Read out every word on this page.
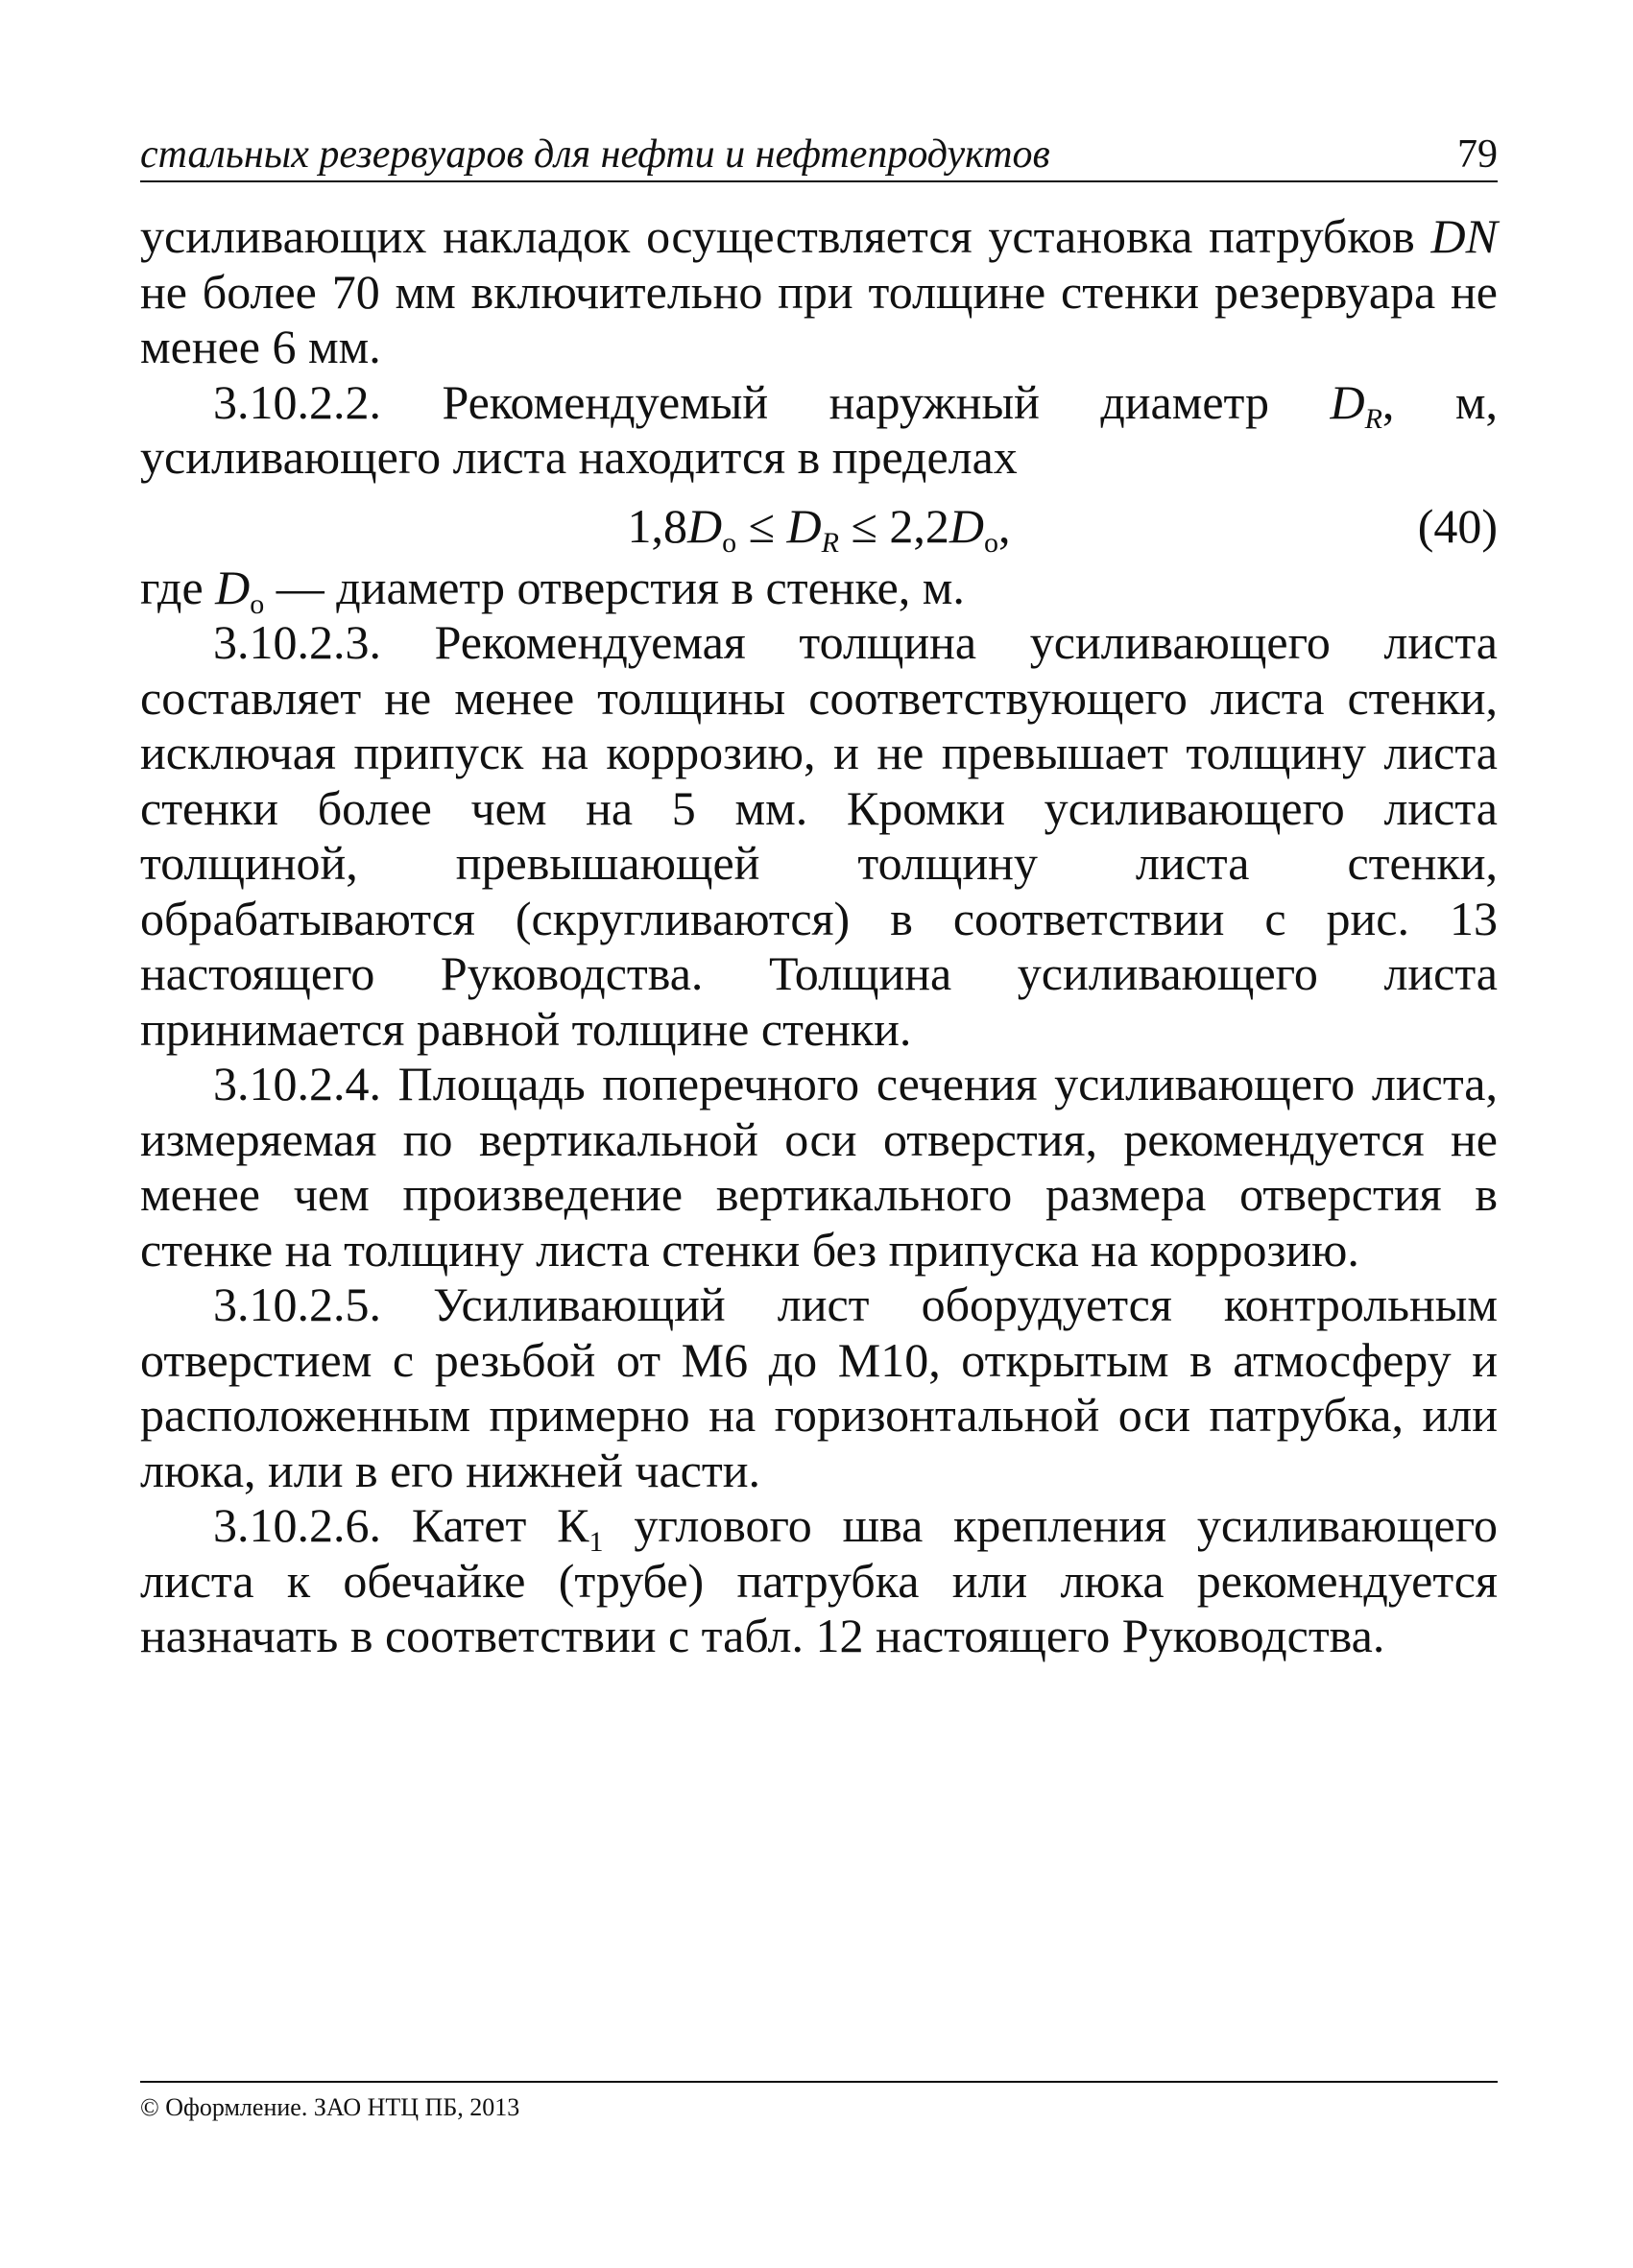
стальных резервуаров для нефти и нефтепродуктов	79

усиливающих накладок осуществляется установка патрубков DN не более 70 мм включительно при толщине стенки резервуара не менее 6 мм.

3.10.2.2. Рекомендуемый наружный диаметр $D_R$, м, усиливающего листа находится в пределах

$1,8D_o \le D_R \le 2,2D_o$,	(40)

где $D_o$ — диаметр отверстия в стенке, м.

3.10.2.3. Рекомендуемая толщина усиливающего листа составляет не менее толщины соответствующего листа стенки, исключая припуск на коррозию, и не превышает толщину листа стенки более чем на 5 мм. Кромки усиливающего листа толщиной, превышающей толщину листа стенки, обрабатываются (скругливаются) в соответствии с рис. 13 настоящего Руководства. Толщина усиливающего листа принимается равной толщине стенки.

3.10.2.4. Площадь поперечного сечения усиливающего листа, измеряемая по вертикальной оси отверстия, рекомендуется не менее чем произведение вертикального размера отверстия в стенке на толщину листа стенки без припуска на коррозию.

3.10.2.5. Усиливающий лист оборудуется контрольным отверстием с резьбой от М6 до М10, открытым в атмосферу и расположенным примерно на горизонтальной оси патрубка, или люка, или в его нижней части.

3.10.2.6. Катет $К_1$ углового шва крепления усиливающего листа к обечайке (трубе) патрубка или люка рекомендуется назначать в соответствии с табл. 12 настоящего Руководства.

© Оформление. ЗАО НТЦ ПБ, 2013
